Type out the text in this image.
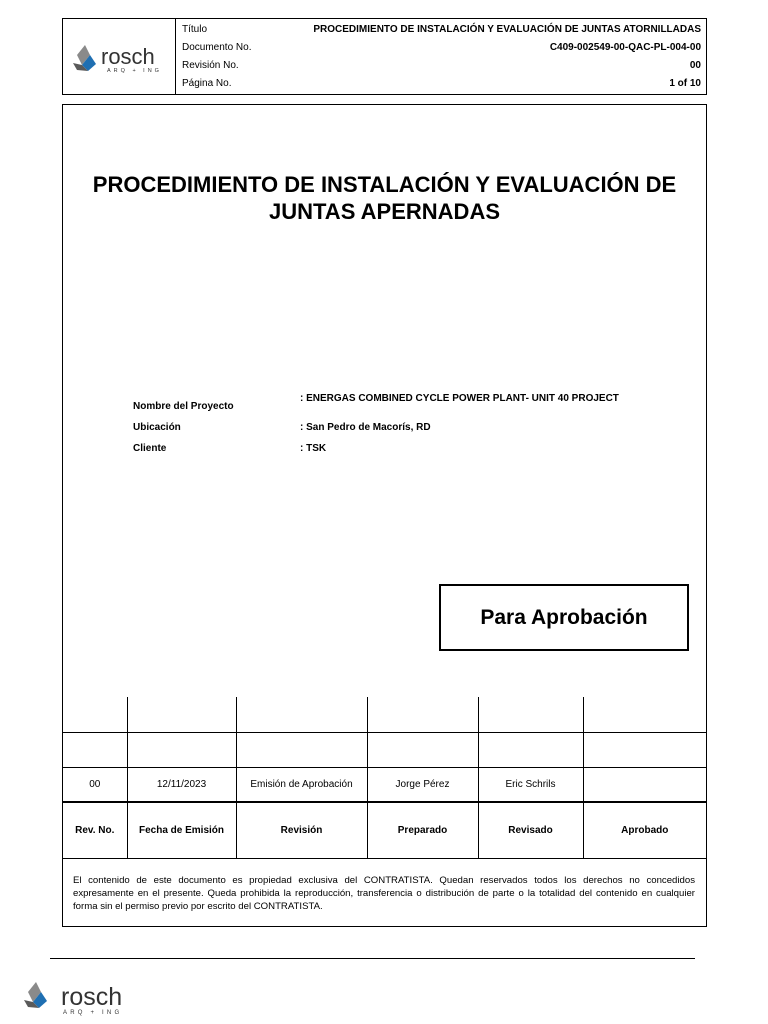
rosch
ARQ + ING
Título	PROCEDIMIENTO DE INSTALACIÓN Y EVALUACIÓN DE JUNTAS ATORNILLADAS
Documento No.	C409-002549-00-QAC-PL-004-00
Revisión No.	00
Página No.	1 of 10
PROCEDIMIENTO DE INSTALACIÓN Y EVALUACIÓN DE
JUNTAS APERNADAS
Nombre del Proyecto
: ENERGAS COMBINED CYCLE POWER PLANT- UNIT 40 PROJECT
Ubicación	: San Pedro de Macorís, RD
Cliente	: TSK
Para Aprobación

00	12/11/2023	Emisión de Aprobación	Jorge Pérez	Eric Schrils	
Rev. No.	Fecha de Emisión	Revisión	Preparado	Revisado	Aprobado
El contenido de este documento es propiedad exclusiva del CONTRATISTA. Quedan reservados todos los derechos no concedidos expresamente en el presente. Queda prohibida la reproducción, transferencia o distribución de parte o la totalidad del contenido en cualquier forma sin el permiso previo por escrito del CONTRATISTA.
rosch
ARQ + ING
